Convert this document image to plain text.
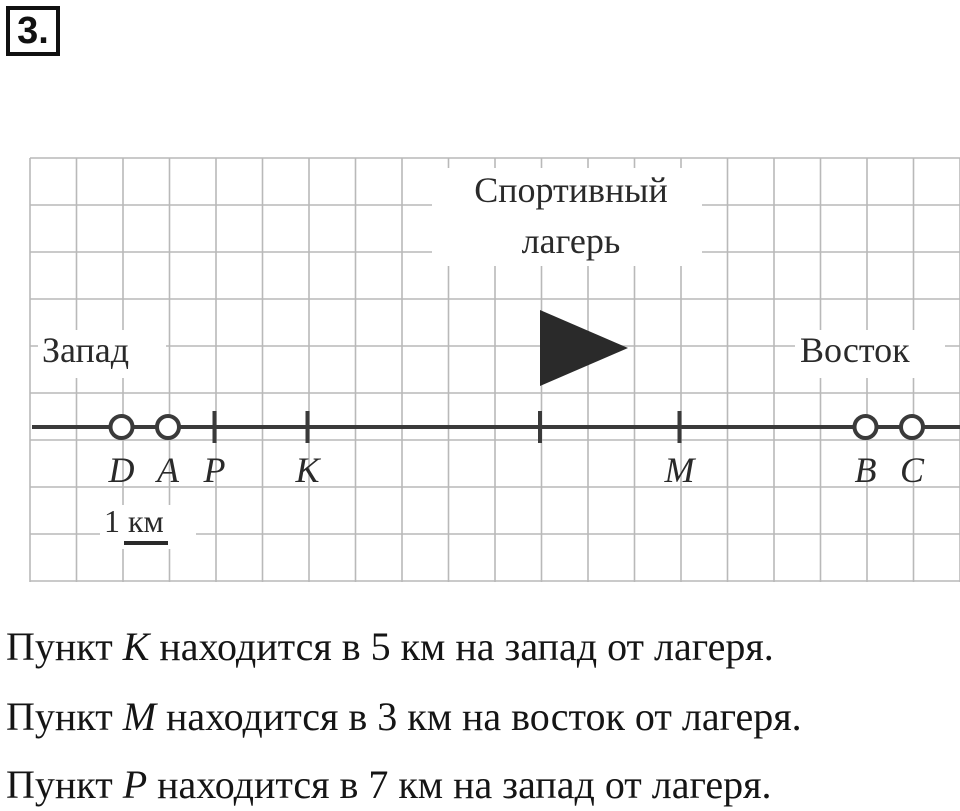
3.
Спортивный
лагерь
Запад	Восток
D A P K	M	B C
1 км
Пункт K находится в 5 км на запад от лагеря.
Пункт M находится в 3 км на восток от лагеря.
Пункт P находится в 7 км на запад от лагеря.
